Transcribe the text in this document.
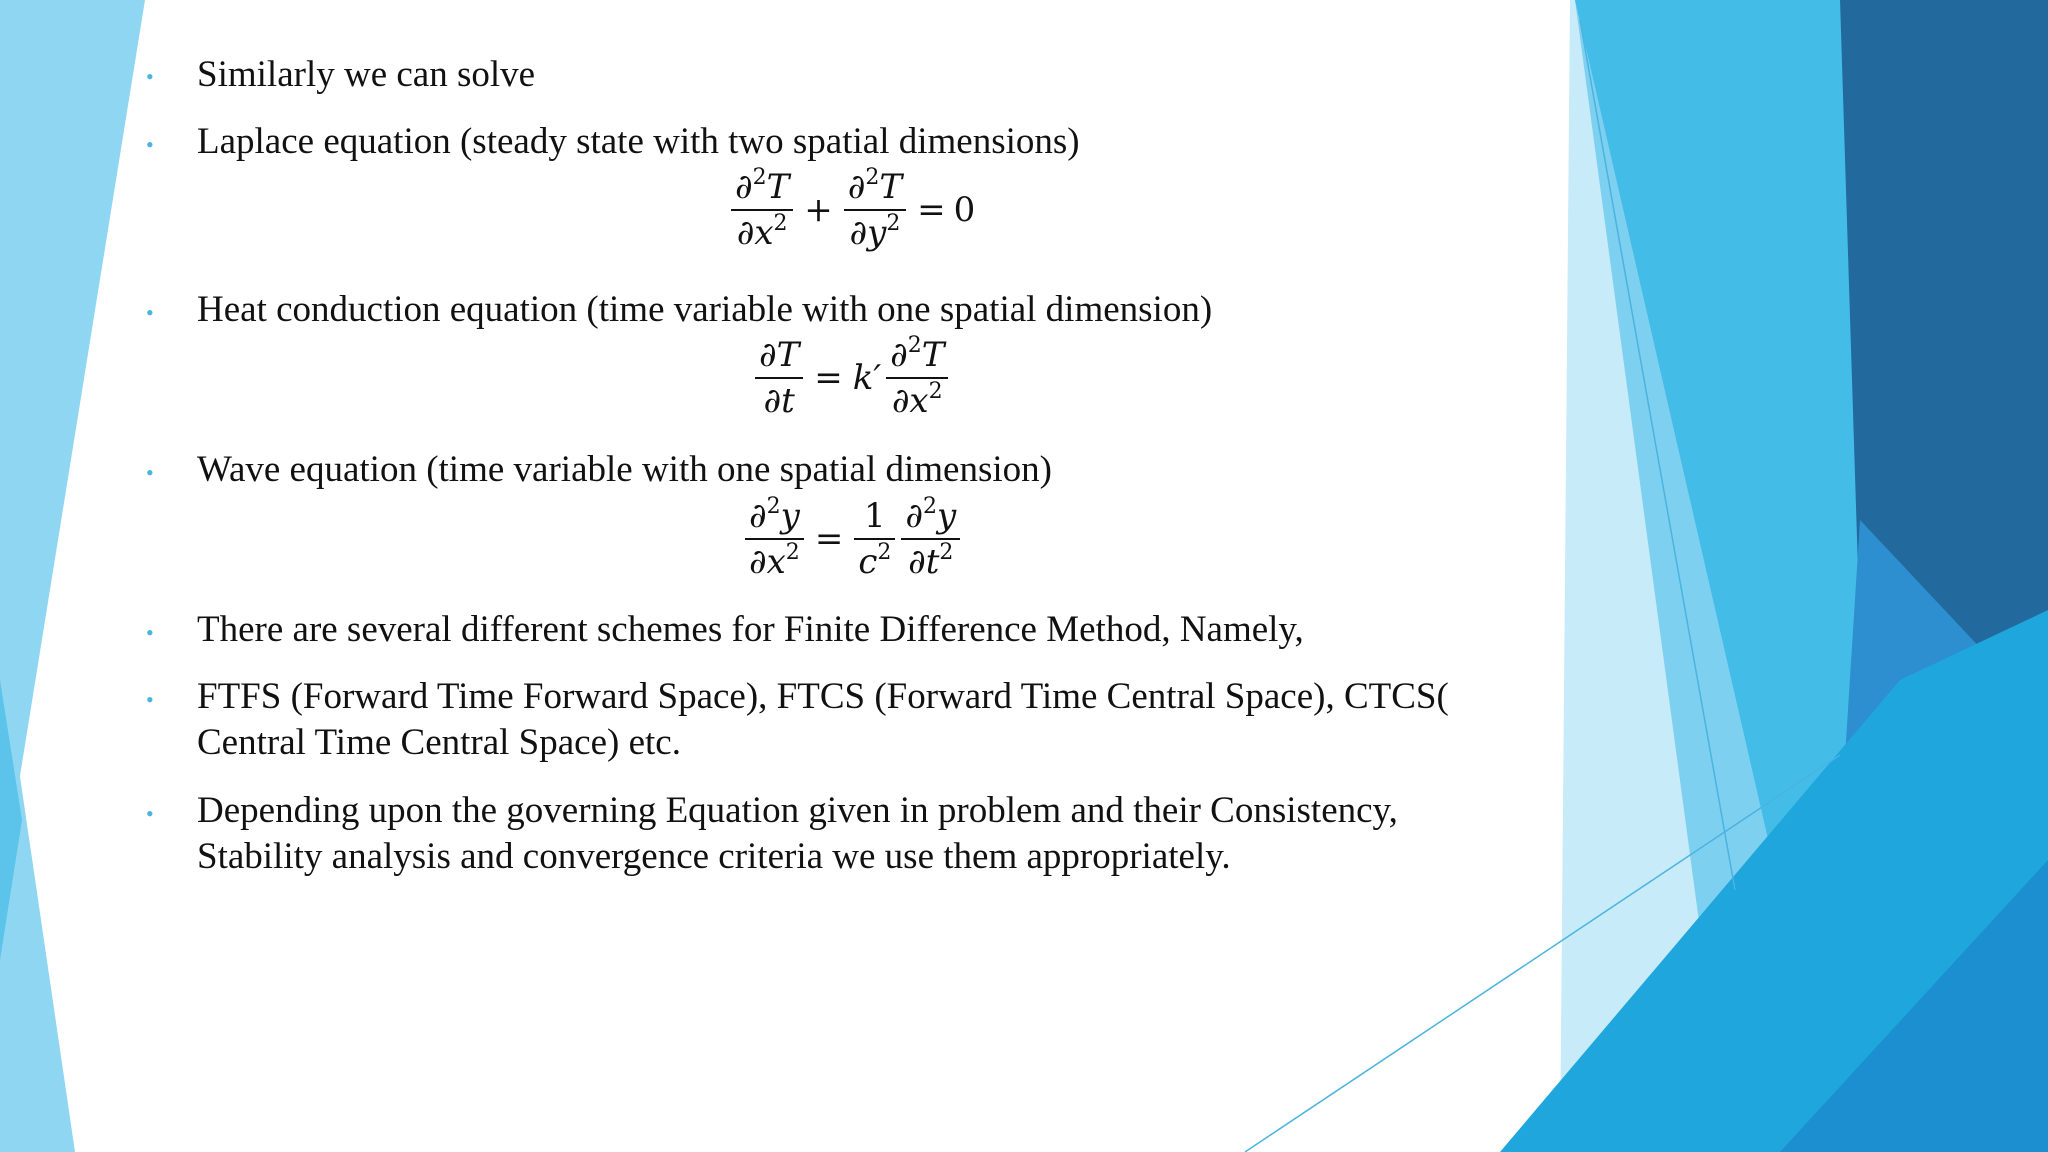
• Similarly we can solve
• Laplace equation (steady state with two spatial dimensions)
$\frac{\partial^2T}{\partial x^2} + \frac{\partial^2T}{\partial y^2} = 0$
• Heat conduction equation (time variable with one spatial dimension)
$\frac{\partial T}{\partial t} = k' \frac{\partial^2T}{\partial x^2}$
• Wave equation (time variable with one spatial dimension)
$\frac{\partial^2y}{\partial x^2} = \frac{1}{c^2} \frac{\partial^2y}{\partial t^2}$
• There are several different schemes for Finite Difference Method, Namely,
• FTFS (Forward Time Forward Space), FTCS (Forward Time Central Space), CTCS(
Central Time Central Space) etc.
• Depending upon the governing Equation given in problem and their Consistency,
Stability analysis and convergence criteria we use them appropriately.
